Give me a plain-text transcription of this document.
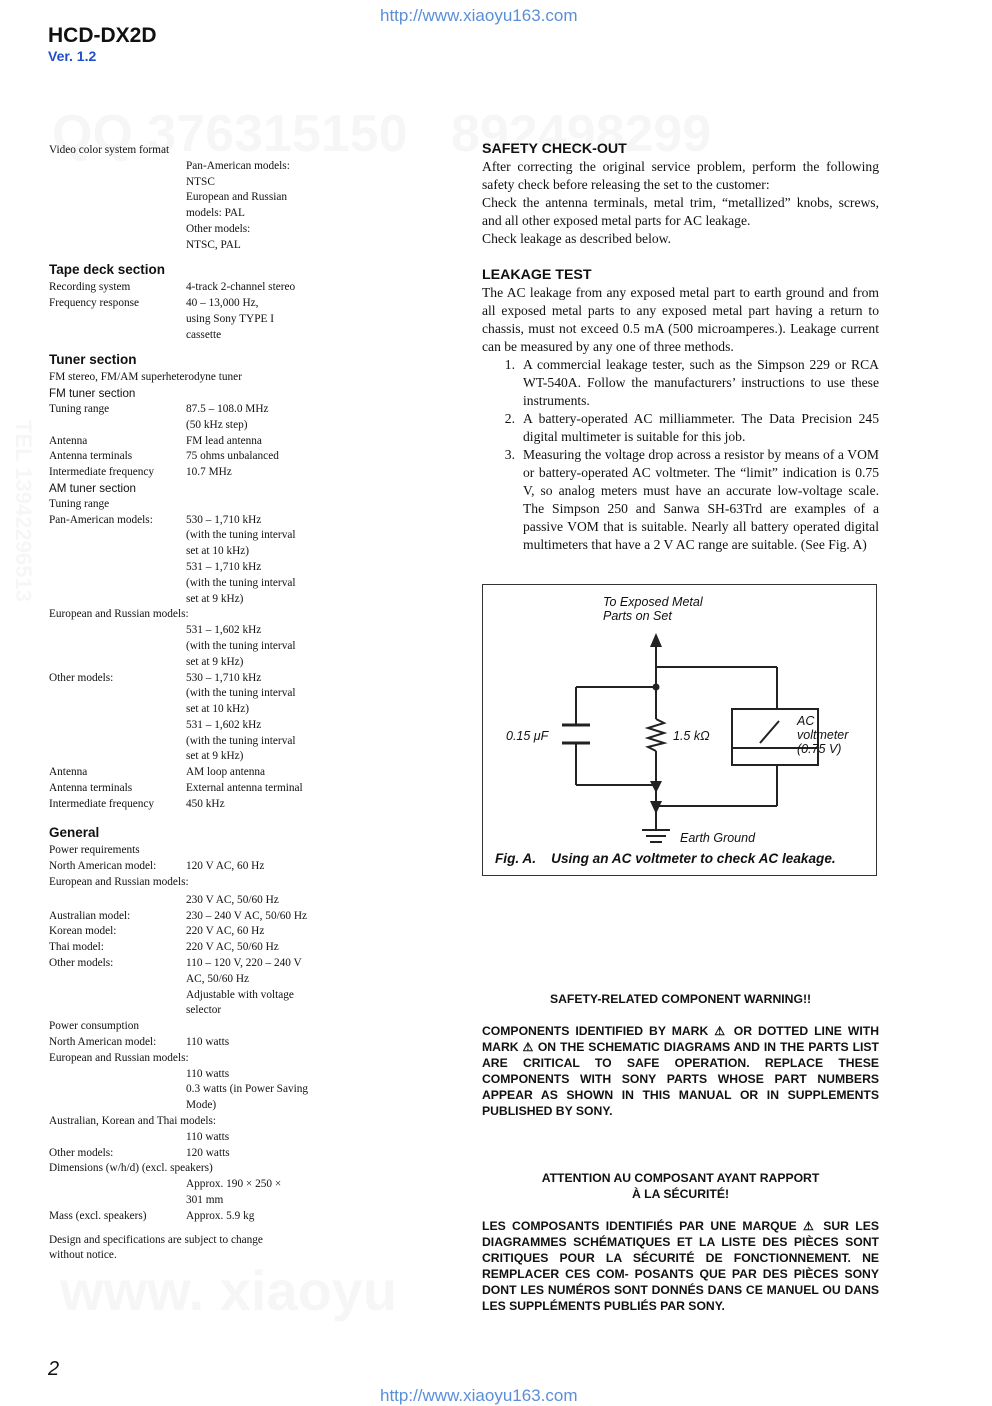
http://www.xiaoyu163.com
HCD-DX2D
Ver. 1.2
Video color system format
Pan-American models:
NTSC
European and Russian
models: PAL
Other models:
NTSC, PAL
Tape deck section
Recording system	4-track 2-channel stereo
Frequency response	40 – 13,000 Hz,
using Sony TYPE I
cassette
Tuner section
FM stereo, FM/AM superheterodyne tuner
FM tuner section
Tuning range	87.5 – 108.0 MHz
(50 kHz step)
Antenna	FM lead antenna
Antenna terminals	75 ohms unbalanced
Intermediate frequency	10.7 MHz
AM tuner section
Tuning range
Pan-American models:	530 – 1,710 kHz
(with the tuning interval
set at 10 kHz)
531 – 1,710 kHz
(with the tuning interval
set at 9 kHz)
European and Russian models:
531 – 1,602 kHz
(with the tuning interval
set at 9 kHz)
Other models:	530 – 1,710 kHz
(with the tuning interval
set at 10 kHz)
531 – 1,602 kHz
(with the tuning interval
set at 9 kHz)
Antenna	AM loop antenna
Antenna terminals	External antenna terminal
Intermediate frequency	450 kHz
General
Power requirements
North American model:	120 V AC, 60 Hz
European and Russian models:
230 V AC, 50/60 Hz
Australian model:	230 – 240 V AC, 50/60 Hz
Korean model:	220 V AC, 60 Hz
Thai model:	220 V AC, 50/60 Hz
Other models:	110 – 120 V, 220 – 240 V
AC, 50/60 Hz
Adjustable with voltage
selector
Power consumption
North American model:	110 watts
European and Russian models:
110 watts
0.3 watts (in Power Saving
Mode)
Australian, Korean and Thai models:
110 watts
Other models:	120 watts
Dimensions (w/h/d) (excl. speakers)
Approx. 190 × 250 ×
301 mm
Mass (excl. speakers)	Approx. 5.9 kg
Design and specifications are subject to change
without notice.
SAFETY CHECK-OUT

After correcting the original service problem, perform the following safety check before releasing the set to the customer:

Check the antenna terminals, metal trim, “metallized” knobs, screws, and all other exposed metal parts for AC leakage.

Check leakage as described below.

LEAKAGE TEST

The AC leakage from any exposed metal part to earth ground and from all exposed metal parts to any exposed metal part having a return to chassis, must not exceed 0.5 mA (500 microamperes.). Leakage current can be measured by any one of three methods.

1. A commercial leakage tester, such as the Simpson 229 or RCA WT-540A. Follow the manufacturers’ instructions to use these instruments.
2. A battery-operated AC milliammeter. The Data Precision 245 digital multimeter is suitable for this job.
3. Measuring the voltage drop across a resistor by means of a VOM or battery-operated AC voltmeter. The “limit” indication is 0.75 V, so analog meters must have an accurate low-voltage scale. The Simpson 250 and Sanwa SH-63Trd are examples of a passive VOM that is suitable. Nearly all battery operated digital multimeters that have a 2 V AC range are suitable. (See Fig. A)
To Exposed Metal
Parts on Set
0.15 μF	1.5 kΩ
AC
voltmeter
(0.75 V)
Earth Ground
Fig. A.    Using an AC voltmeter to check AC leakage.
SAFETY-RELATED COMPONENT WARNING!!
COMPONENTS IDENTIFIED BY MARK ⚠ OR DOTTED LINE WITH MARK ⚠ ON THE SCHEMATIC DIAGRAMS AND IN THE PARTS LIST ARE CRITICAL TO SAFE OPERATION. REPLACE THESE COMPONENTS WITH SONY PARTS WHOSE PART NUMBERS APPEAR AS SHOWN IN THIS MANUAL OR IN SUPPLEMENTS PUBLISHED BY SONY.
ATTENTION AU COMPOSANT AYANT RAPPORT
À LA SÉCURITÉ!
LES COMPOSANTS IDENTIFIÉS PAR UNE MARQUE ⚠ SUR LES DIAGRAMMES SCHÉMATIQUES ET LA LISTE DES PIÈCES SONT CRITIQUES POUR LA SÉCURITÉ DE FONCTIONNEMENT. NE REMPLACER CES COM- POSANTS QUE PAR DES PIÈCES SONY DONT LES NUMÉROS SONT DONNÉS DANS CE MANUEL OU DANS LES SUPPLÉMENTS PUBLIÉS PAR SONY.
2
http://www.xiaoyu163.com
